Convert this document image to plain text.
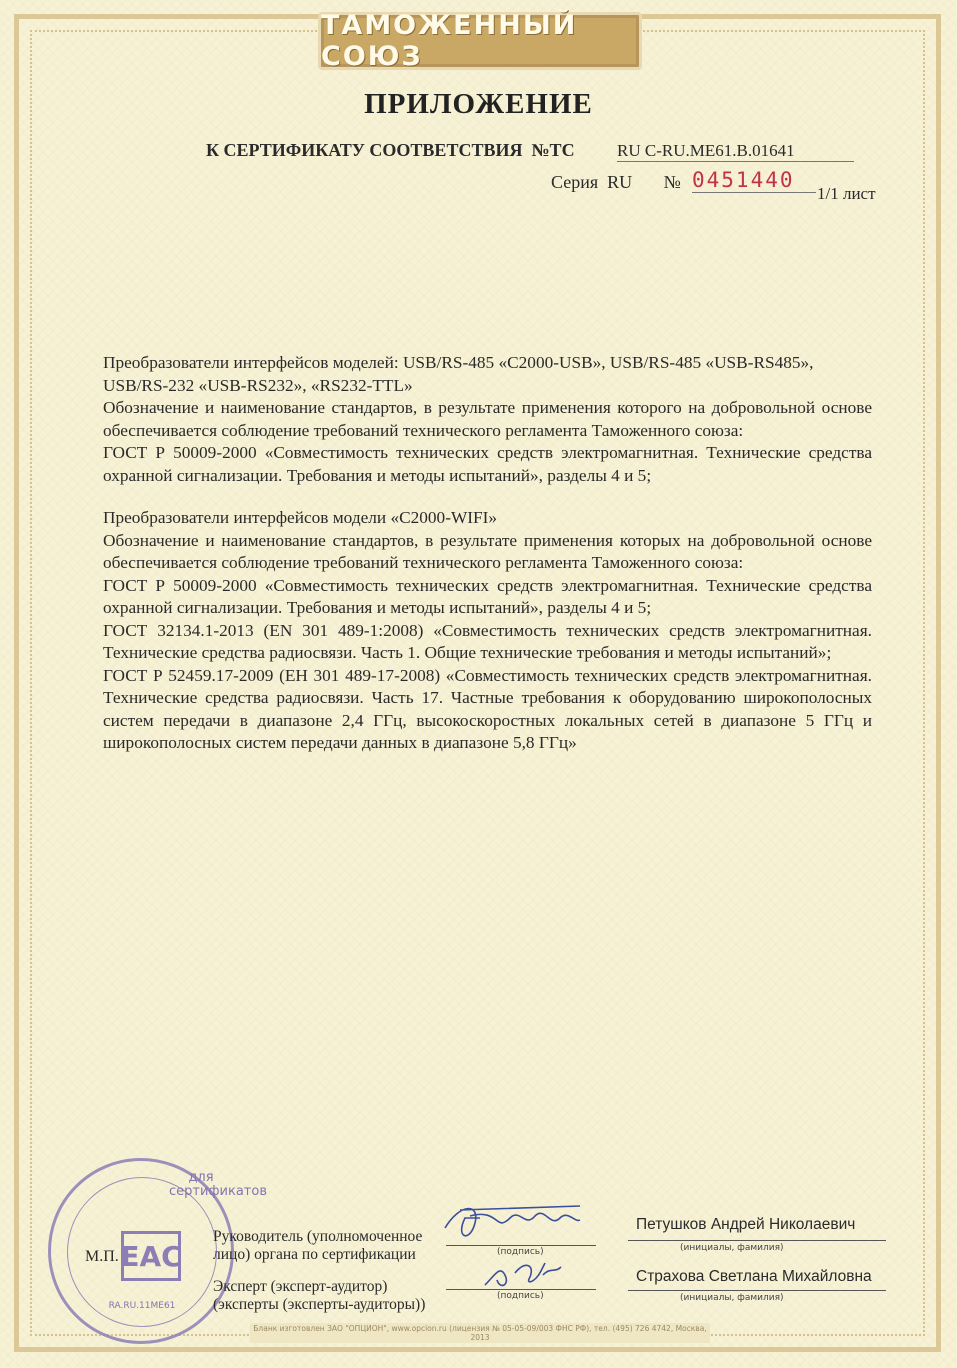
ТАМОЖЕННЫЙ СОЮЗ
ПРИЛОЖЕНИЕ
К СЕРТИФИКАТУ СООТВЕТСТВИЯ №ТС RU C-RU.ME61.B.01641
Серия RU № 0451440
1/1 лист

Преобразователи интерфейсов моделей: USB/RS-485 «C2000-USB», USB/RS-485 «USB-RS485», USB/RS-232 «USB-RS232», «RS232-TTL»

Обозначение и наименование стандартов, в результате применения которого на добровольной основе обеспечивается соблюдение требований технического регламента Таможенного союза:

ГОСТ Р 50009-2000 «Совместимость технических средств электромагнитная. Технические средства охранной сигнализации. Требования и методы испытаний», разделы 4 и 5;

Преобразователи интерфейсов модели «C2000-WIFI»

Обозначение и наименование стандартов, в результате применения которых на добровольной основе обеспечивается соблюдение требований технического регламента Таможенного союза:

ГОСТ Р 50009-2000 «Совместимость технических средств электромагнитная. Технические средства охранной сигнализации. Требования и методы испытаний», разделы 4 и 5;

ГОСТ 32134.1-2013 (EN 301 489-1:2008) «Совместимость технических средств электромагнитная. Технические средства радиосвязи. Часть 1. Общие технические требования и методы испытаний»;

ГОСТ Р 52459.17-2009 (ЕН 301 489-17-2008) «Совместимость технических средств электромагнитная. Технические средства радиосвязи. Часть 17. Частные требования к оборудованию широкополосных систем передачи в диапазоне 2,4 ГГц, высокоскоростных локальных сетей в диапазоне 5 ГГц и широкополосных систем передачи данных в диапазоне 5,8 ГГц»

для сертификатов
ЕАС
RA.RU.11ME61
М.П.
Руководитель (уполномоченное
лицо) органа по сертификации	(подпись)
Петушков Андрей Николаевич
(инициалы, фамилия)
Эксперт (эксперт-аудитор)
(эксперты (эксперты-аудиторы))	(подпись)
Страхова Светлана Михайловна
(инициалы, фамилия)
Бланк изготовлен ЗАО "ОПЦИОН", www.opcion.ru (лицензия № 05-05-09/003 ФНС РФ), тел. (495) 726 4742, Москва, 2013
